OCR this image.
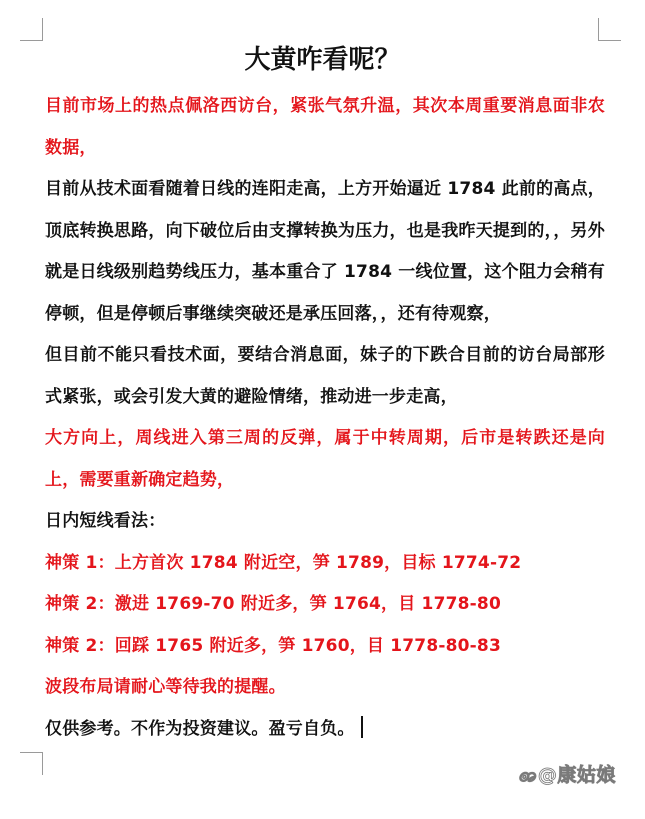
大黄咋看呢？

目前市场上的热点佩洛西访台，紧张气氛升温，其次本周重要消息面非农数据，

目前从技术面看随着日线的连阳走高，上方开始逼近 1784 此前的高点，顶底转换思路，向下破位后由支撑转换为压力，也是我昨天提到的，，另外就是日线级别趋势线压力，基本重合了 1784 一线位置，这个阻力会稍有停顿，但是停顿后事继续突破还是承压回落，，还有待观察，

但目前不能只看技术面，要结合消息面，妹子的下跌合目前的访台局部形式紧张，或会引发大黄的避险情绪，推动进一步走高，

大方向上，周线进入第三周的反弹，属于中转周期，后市是转跌还是向上，需要重新确定趋势，

日内短线看法：

神策 1：上方首次 1784 附近空，笋 1789，目标 1774-72

神策 2：激进 1769-70 附近多，笋 1764，目 1778-80

神策 2：回踩 1765 附近多，笋 1760，目 1778-80-83

波段布局请耐心等待我的提醒。

仅供参考。不作为投资建议。盈亏自负。

ꩨ @康姑娘
